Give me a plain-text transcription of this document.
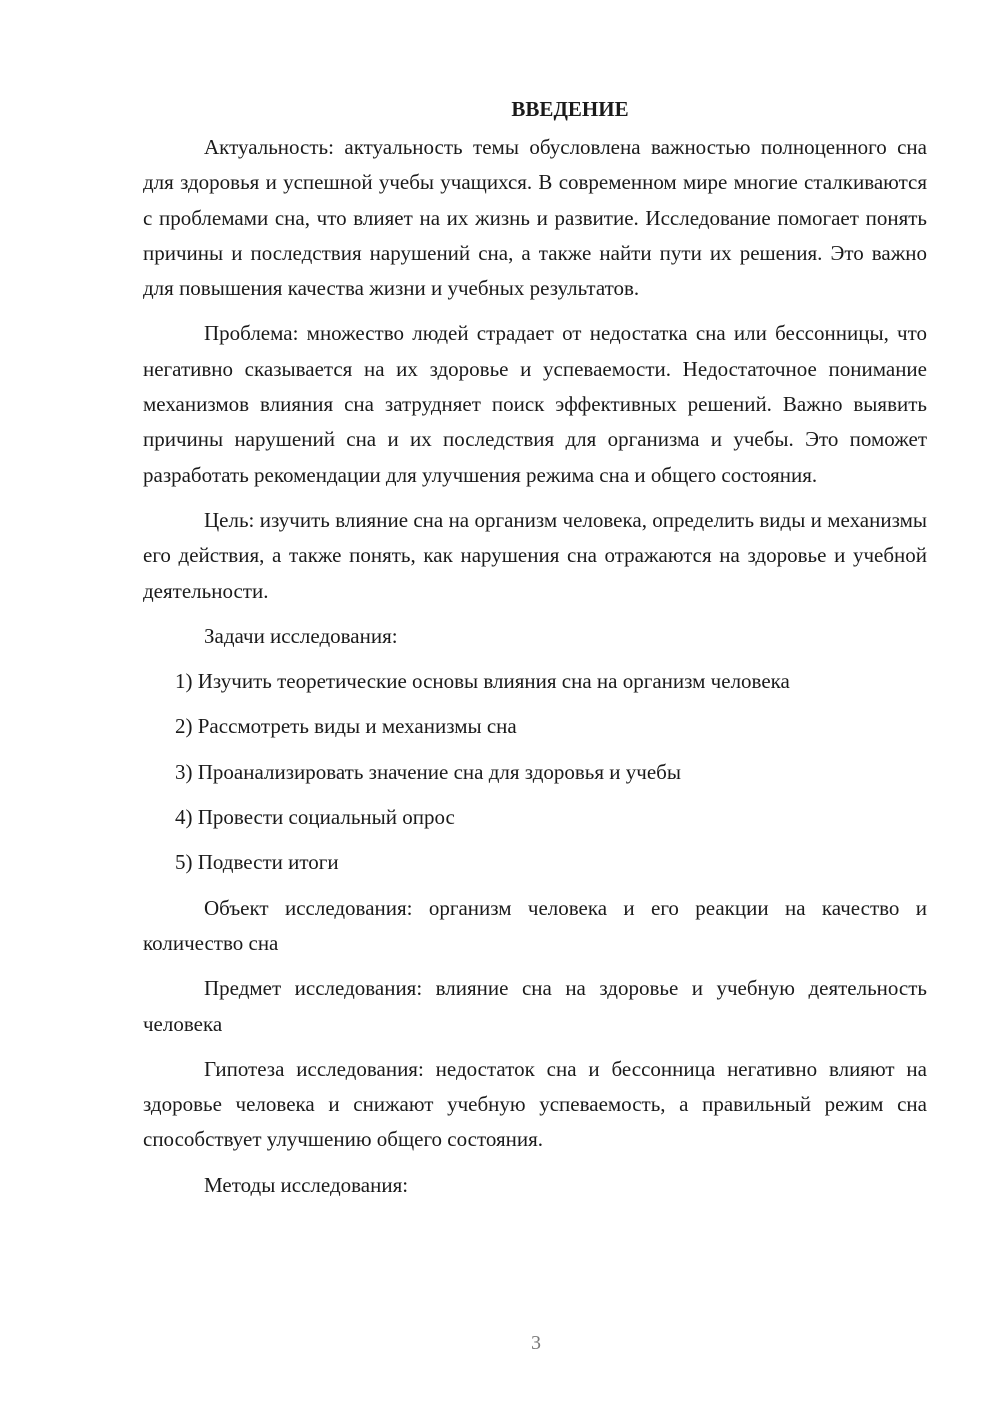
ВВЕДЕНИЕ

Актуальность: актуальность темы обусловлена важностью полноценного сна для здоровья и успешной учебы учащихся. В современном мире многие сталкиваются с проблемами сна, что влияет на их жизнь и развитие. Исследование помогает понять причины и последствия нарушений сна, а также найти пути их решения. Это важно для повышения качества жизни и учебных результатов.

Проблема: множество людей страдает от недостатка сна или бессонницы, что негативно сказывается на их здоровье и успеваемости. Недостаточное понимание механизмов влияния сна затрудняет поиск эффективных решений. Важно выявить причины нарушений сна и их последствия для организма и учебы. Это поможет разработать рекомендации для улучшения режима сна и общего состояния.

Цель: изучить влияние сна на организм человека, определить виды и механизмы его действия, а также понять, как нарушения сна отражаются на здоровье и учебной деятельности.

Задачи исследования:

1) Изучить теоретические основы влияния сна на организм человека

2) Рассмотреть виды и механизмы сна

3) Проанализировать значение сна для здоровья и учебы

4) Провести социальный опрос

5) Подвести итоги

Объект исследования: организм человека и его реакции на качество и количество сна

Предмет исследования: влияние сна на здоровье и учебную деятельность человека

Гипотеза исследования: недостаток сна и бессонница негативно влияют на здоровье человека и снижают учебную успеваемость, а правильный режим сна способствует улучшению общего состояния.

Методы исследования:

3
